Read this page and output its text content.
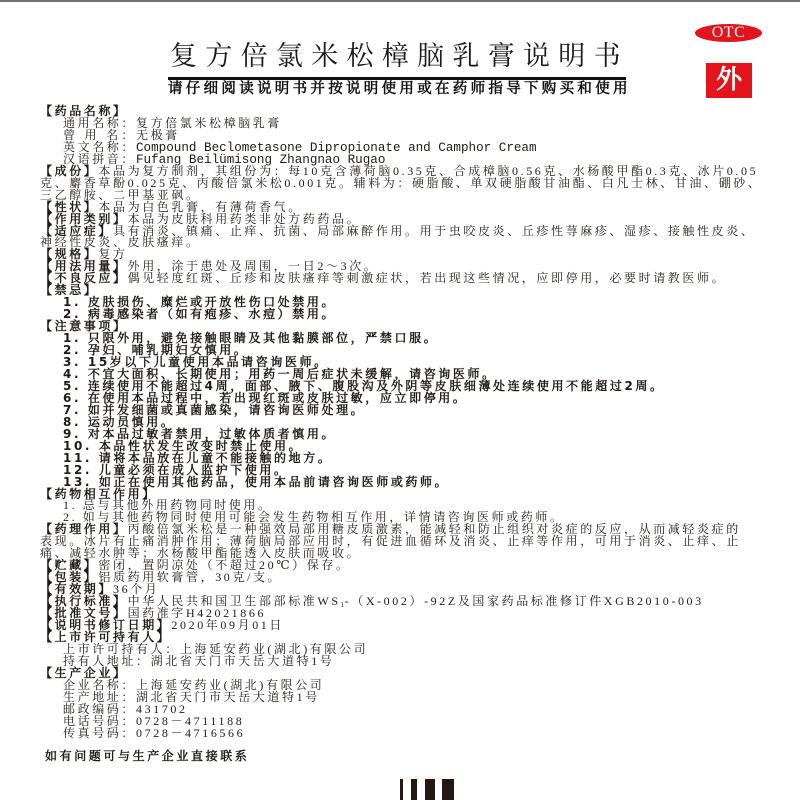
复方倍氯米松樟脑乳膏说明书
请仔细阅读说明书并按说明使用或在药师指导下购买和使用
OTC
外
【药品名称】
通用名称：复方倍氯米松樟脑乳膏
曾 用 名：无极膏
英文名称：Compound Beclometasone Dipropionate and Camphor Cream
汉语拼音：Fufang Beilümisong Zhangnao Rugao
【成份】本品为复方制剂，其组份为：每10克含薄荷脑0.35克、合成樟脑0.56克、水杨酸甲酯0.3克、冰片0.05
克、麝香草酚0.025克、丙酸倍氯米松0.001克。辅料为：硬脂酸、单双硬脂酸甘油酯、白凡士林、甘油、硼砂、
三乙醇胺、二甲基亚砜。
【性状】本品为白色乳膏，有薄荷香气。
【作用类别】本品为皮肤科用药类非处方药药品。
【适应症】具有消炎、镇痛、止痒、抗菌、局部麻醉作用。用于虫咬皮炎、丘疹性荨麻疹、湿疹、接触性皮炎、
神经性皮炎、皮肤瘙痒。
【规格】复方
【用法用量】外用，涂于患处及周围，一日2～3次。
【不良反应】偶见轻度红斑、丘疹和皮肤瘙痒等刺激症状，若出现这些情况，应即停用，必要时请教医师。
【禁忌】
1. 皮肤损伤、糜烂或开放性伤口处禁用。
2. 病毒感染者（如有疱疹、水痘）禁用。
【注意事项】
1. 只限外用，避免接触眼睛及其他黏膜部位，严禁口服。
2. 孕妇、哺乳期妇女慎用。
3. 15岁以下儿童使用本品请咨询医师。
4. 不宜大面积、长期使用；用药一周后症状未缓解，请咨询医师。
5. 连续使用不能超过4周，面部、腋下、腹股沟及外阴等皮肤细薄处连续使用不能超过2周。
6. 在使用本品过程中，若出现红斑或皮肤过敏，应立即停用。
7. 如并发细菌或真菌感染，请咨询医师处理。
8. 运动员慎用。
9. 对本品过敏者禁用，过敏体质者慎用。
10. 本品性状发生改变时禁止使用。
11. 请将本品放在儿童不能接触的地方。
12. 儿童必须在成人监护下使用。
13. 如正在使用其他药品，使用本品前请咨询医师或药师。
【药物相互作用】
1. 忌与其他外用药物同时使用。
2. 如与其他药物同时使用可能会发生药物相互作用，详情请咨询医师或药师。
【药理作用】丙酸倍氯米松是一种强效局部用糖皮质激素，能减轻和防止组织对炎症的反应，从而减轻炎症的
表现。冰片有止痛消肿作用；薄荷脑局部应用时，有促进血循环及消炎、止痒等作用，可用于消炎、止痒、止
痛、减轻水肿等；水杨酸甲酯能透入皮肤而吸收。
【贮藏】密闭，置阴凉处（不超过20℃）保存。
【包装】铝质药用软膏管，30克/支。
【有效期】36个月
【执行标准】中华人民共和国卫生部部标准$WS_1-(X-002)-92Z$及国家药品标准修订件XGB2010-003
【批准文号】国药准字H42021866
【说明书修订日期】2020年09月01日
【上市许可持有人】
上市许可持有人：上海延安药业(湖北)有限公司
持有人地址：湖北省天门市天岳大道特1号
【生产企业】
企业名称：上海延安药业(湖北)有限公司
生产地址：湖北省天门市天岳大道特1号
邮政编码：431702
电话号码：0728－4711188
传真号码：0728－4716566
如有问题可与生产企业直接联系
